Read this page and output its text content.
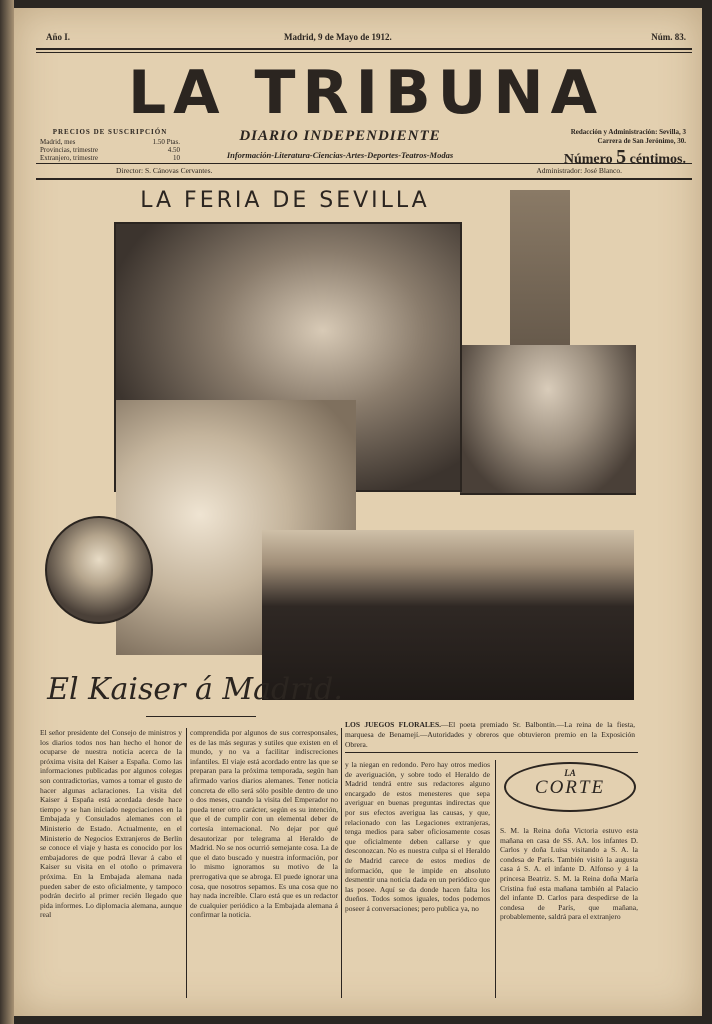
Año I.	Madrid, 9 de Mayo de 1912.	Núm. 83.
LA TRIBUNA
DIARIO INDEPENDIENTE
Información-Literatura-Ciencias-Artes-Deportes-Teatros-Modas
PRECIOS DE SUSCRIPCIÓN
Madrid, mes	1.50 Ptas.
Provincias, trimestre	4.50
Extranjero, trimestre	10
Redacción y Administración: Sevilla, 3
Carrera de San Jerónimo, 30.
Número 5 céntimos.
Director: S. Cánovas Cervantes.	Administrador: José Blanco.
LA FERIA DE SEVILLA
El Kaiser á Madrid.
LOS JUEGOS FLORALES.—El poeta premiado Sr. Balbontín.—La reina de la fiesta, marquesa de Benamejí.—Autoridades y obreros que obtuvieron premio en la Exposición Obrera.
El señor presidente del Consejo de ministros y los diarios todos nos han hecho el honor de ocuparse de nuestra noticia acerca de la próxima visita del Kaiser a España. Como las informaciones publicadas por algunos colegas son contradictorias, vamos a tomar el gusto de hacer algunas aclaraciones. La visita del Kaiser á España está acordada desde hace tiempo y se han iniciado negociaciones en la Embajada y Consulados alemanes con el Ministerio de Estado. Actualmente, en el Ministerio de Negocios Extranjeros de Berlín se conoce el viaje y hasta es conocido por los embajadores de que podrá llevar á cabo el Kaiser su visita en el otoño o primavera próxima. En la Embajada alemana nada pueden saber de esto oficialmente, y tampoco podrán decirlo al primer recién llegado que pida informes. Lo diplomacia alemana, aunque real
comprendida por algunos de sus corresponsales, es de las más seguras y sutiles que existen en el mundo, y no va a facilitar indiscreciones infantiles. El viaje está acordado entre las que se preparan para la próxima temporada, según han afirmado varios diarios alemanes. Tener noticia concreta de ello será sólo posible dentro de uno o dos meses, cuando la visita del Emperador no pueda tener otro carácter, según es su intención, que el de cumplir con un elemental deber de cortesía internacional. No dejar por qué desautorizar por telegrama al Heraldo de Madrid. No se nos ocurrió semejante cosa. La de que el dato buscado y nuestra información, por lo mismo ignoramos su motivo de la prerrogativa que se abroga. El puede ignorar una cosa, que nosotros sepamos. Es una cosa que no hay nada increíble. Claro está que es un redactor de cualquier periódico a la Embajada alemana á confirmar la noticia.
y la niegan en redondo. Pero hay otros medios de averiguación, y sobre todo el Heraldo de Madrid tendrá entre sus redactores alguno encargado de estos menesteres que sepa averiguar en buenas preguntas indirectas que por sus efectos averigua las causas, y que, relacionado con las Legaciones extranjeras, tenga medios para saber oficiosamente cosas que oficialmente deben callarse y que desconozcan. No es nuestra culpa si el Heraldo de Madrid carece de estos medios de información, que le impide en absoluto desmentir una noticia dada en un periódico que las posee. Aquí se da donde hacen falta los dueños. Todos somos iguales, todos podemos poseer á conversaciones; pero publica ya, no
LA
CORTE
S. M. la Reina doña Victoria estuvo esta mañana en casa de SS. AA. los infantes D. Carlos y doña Luisa visitando a S. A. la condesa de París. También visitó la augusta casa á S. A. el infante D. Alfonso y á la princesa Beatriz. S. M. la Reina doña María Cristina fué esta mañana también al Palacio del infante D. Carlos para despedirse de la condesa de París, que mañana, probablemente, saldrá para el extranjero
